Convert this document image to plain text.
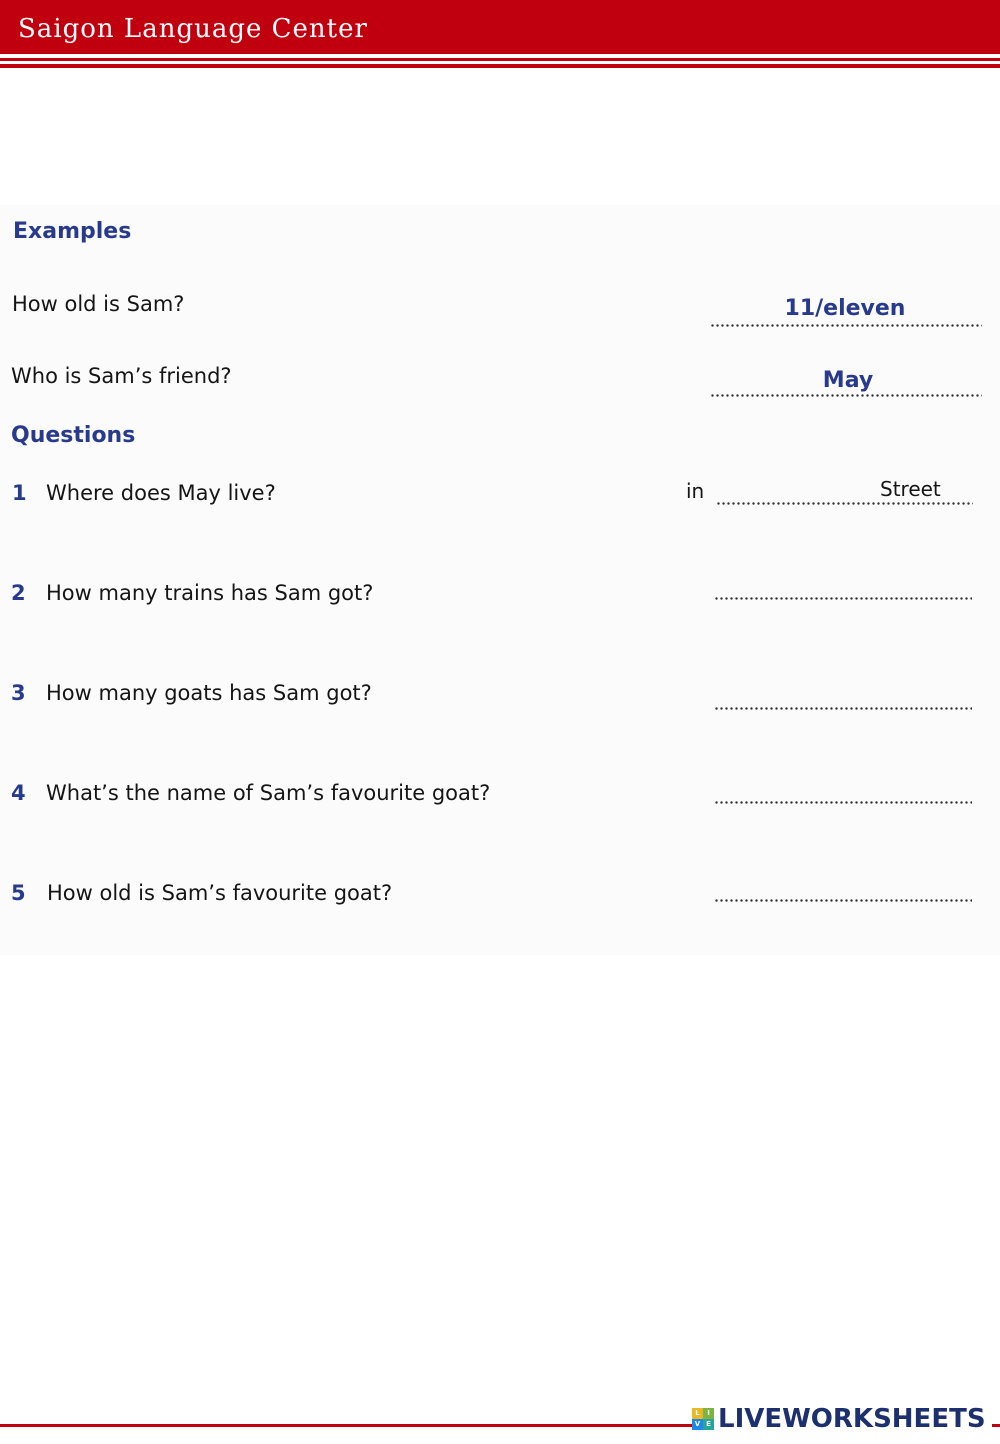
Saigon Language Center
Examples
How old is Sam?	11/eleven
Who is Sam’s friend?	May
Questions
1 Where does May live?	in	Street
2 How many trains has Sam got?
3 How many goats has Sam got?
4 What’s the name of Sam’s favourite goat?
5 How old is Sam’s favourite goat?
L	I
V E LIVEWORKSHEETS
